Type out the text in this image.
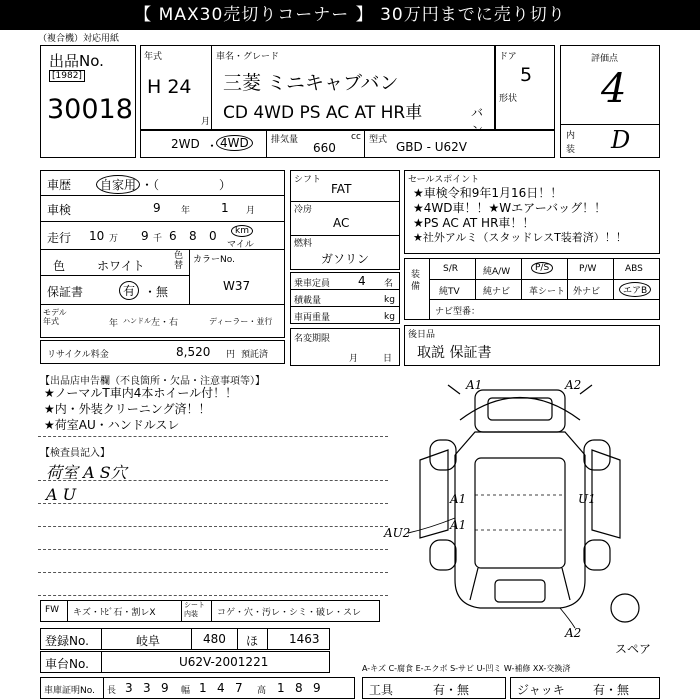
【 MAX30売切りコーナー 】 30万円までに売り切り
（複合機）対応用紙
出品No.
[1982]
30018
年式
H 24
月
車名・グレード
三菱 ミニキャブバン
CD 4WD PS AC AT HR車	バ
ドア
5
形状
評価点
4
内
装 D
2WD ・ 4WD	排気量
660
cc 型式 GBD - U62V
車歴	自家用 ・（　　　　　）
車検	9 年	1 月
走行 10 万 9 千 6 8 0	km
マイル
色	ホワイト
色替
カラーNo.
W37
保証書	有 ・無
モデル年式	年 ハンドル 左・右	ディーラー・並行
リサイクル料金	8,520 円 預託済
シフト
FAT
冷房
AC
燃料
ガソリン
乗車定員 4 名
積載量	kg
車両重量	kg
名変期限
月	日
セールスポイント
★車検令和9年1月16日！！
★4WD車！！★Wエアーバッグ！！
★PS AC AT HR車！！
★社外アルミ（スタッドレスT装着済）！！
装備
S/R	純A/W	P/S	P/W	ABS
純TV	純ナビ 革シート 外ナビ	エアB
ナビ型番：
後日品
取説 保証書
【出品店申告欄（不良箇所・欠品・注意事項等）】
★ノーマルT車内4本ホイール付！！
★内・外装クリーニング済！！
★荷室AU・ハンドルスレ
【検査員記入】
荷室 A S穴
A U
A1	A2
A1
A1
U1
AU2
A2
スペア
FW キズ・ﾄﾋﾞ石・割レX
シート内装	コゲ・穴・汚レ・シミ・破レ・スレ
登録No.	岐阜	480 ほ	1463
車台No.	U62V-2001221	A-キズ C-腐食 E-エクボ S-サビ U-凹ミ W-補修 XX-交換済
車庫証明No. 長 3 3 9 幅 1 4 7 高 1 8 9	工具	有・無	ジャッキ 有・無
